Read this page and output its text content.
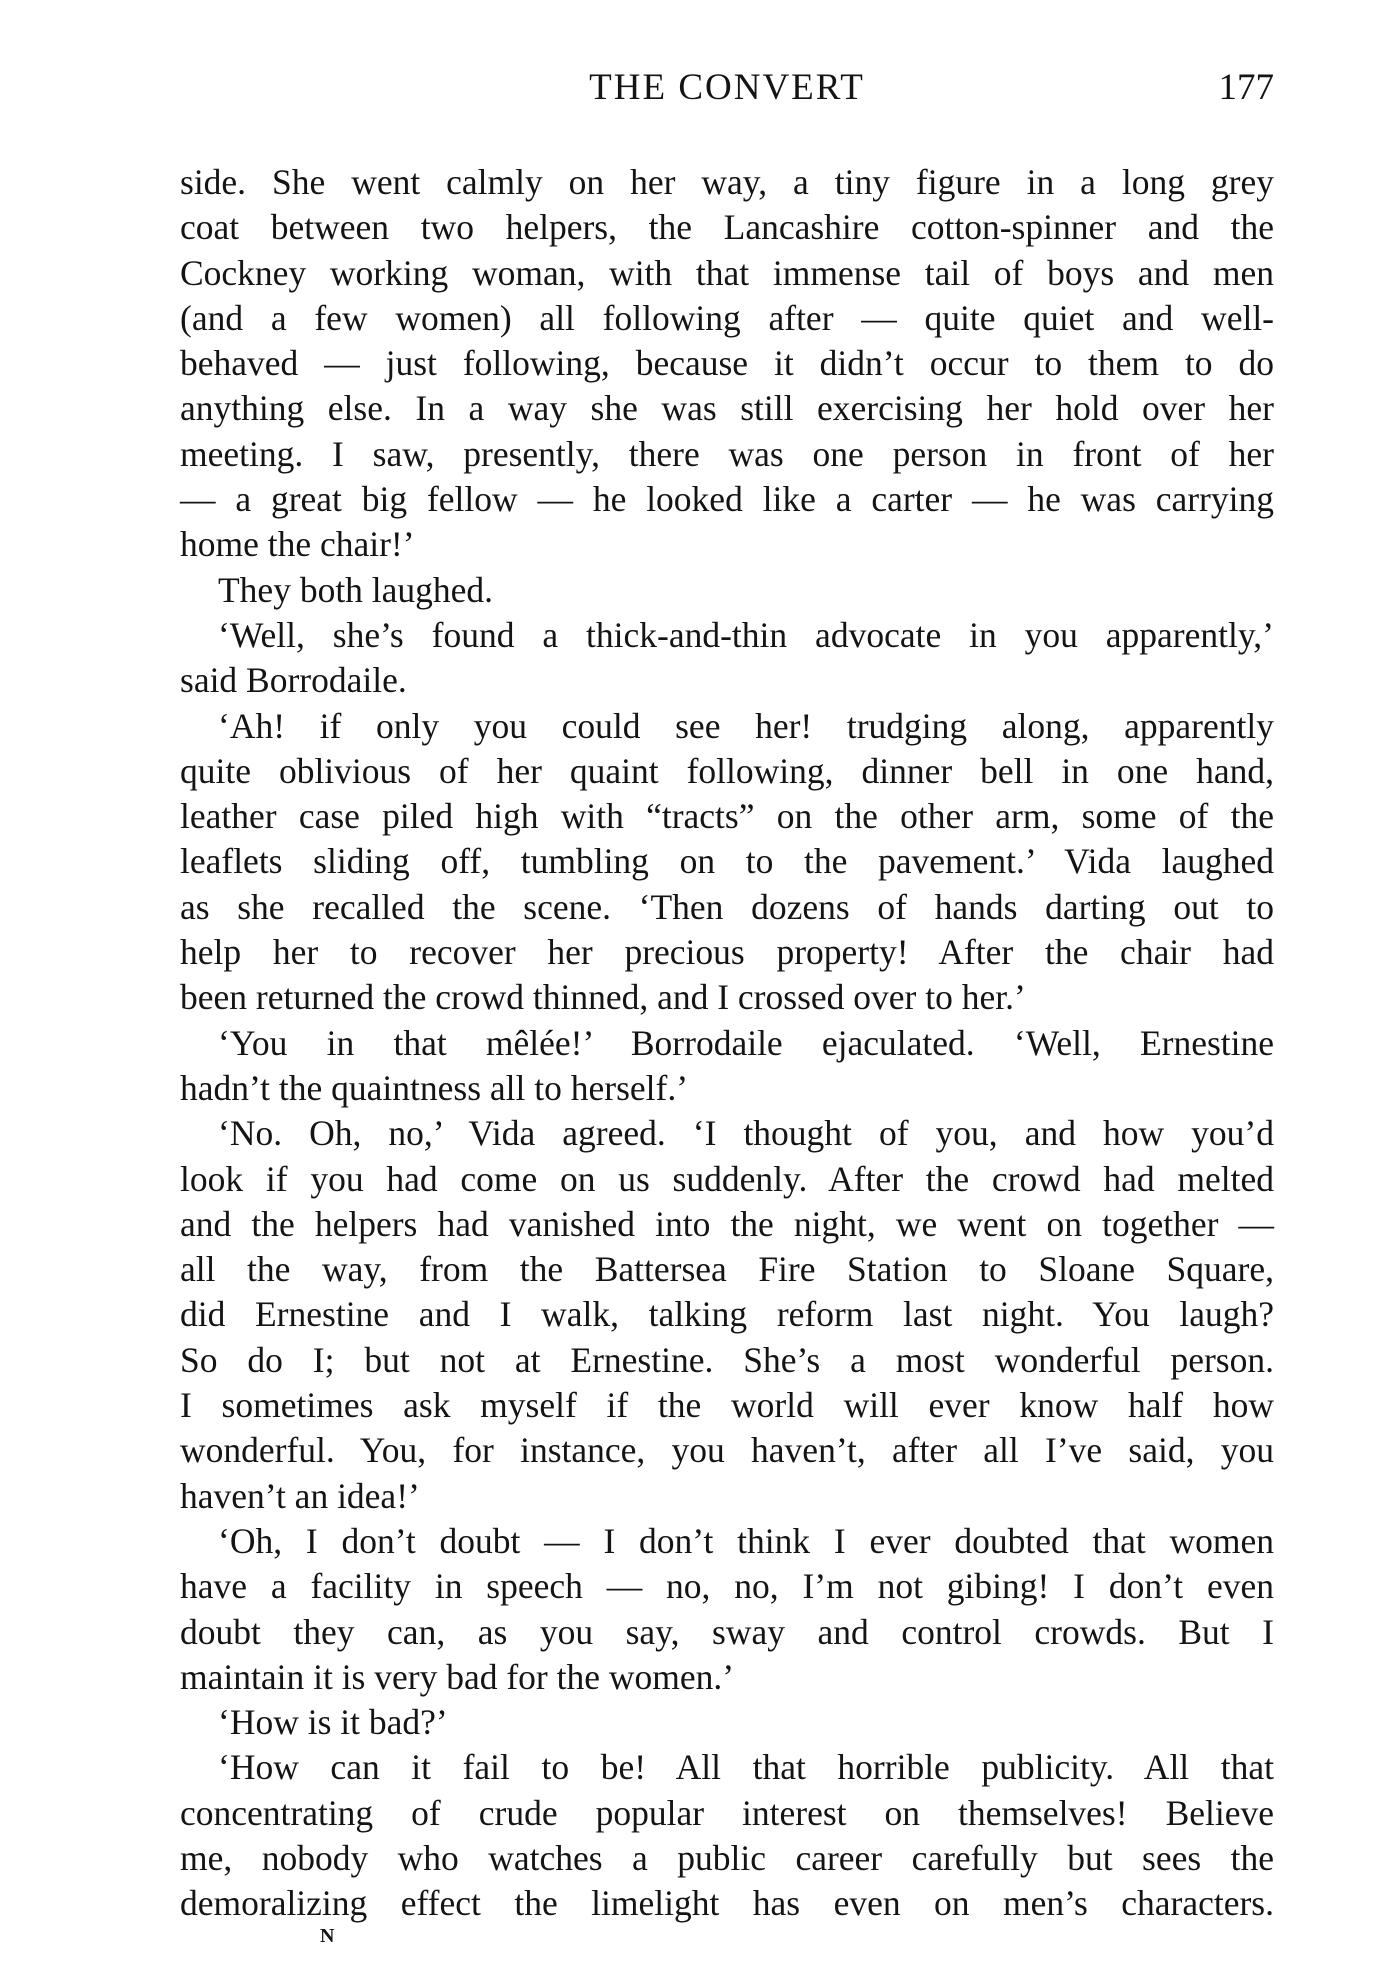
THE CONVERT	177
side. She went calmly on her way, a tiny figure in a long grey
coat between two helpers, the Lancashire cotton-spinner and the
Cockney working woman, with that immense tail of boys and men
(and a few women) all following after — quite quiet and well-
behaved — just following, because it didn’t occur to them to do
anything else. In a way she was still exercising her hold over her
meeting. I saw, presently, there was one person in front of her
— a great big fellow — he looked like a carter — he was carrying
home the chair!’
They both laughed.
‘Well, she’s found a thick-and-thin advocate in you apparently,’
said Borrodaile.
‘Ah! if only you could see her! trudging along, apparently
quite oblivious of her quaint following, dinner bell in one hand,
leather case piled high with “tracts” on the other arm, some of the
leaflets sliding off, tumbling on to the pavement.’ Vida laughed
as she recalled the scene. ‘Then dozens of hands darting out to
help her to recover her precious property! After the chair had
been returned the crowd thinned, and I crossed over to her.’
‘You in that mêlée!’ Borrodaile ejaculated. ‘Well, Ernestine
hadn’t the quaintness all to herself.’
‘No. Oh, no,’ Vida agreed. ‘I thought of you, and how you’d
look if you had come on us suddenly. After the crowd had melted
and the helpers had vanished into the night, we went on together —
all the way, from the Battersea Fire Station to Sloane Square,
did Ernestine and I walk, talking reform last night. You laugh?
So do I; but not at Ernestine. She’s a most wonderful person.
I sometimes ask myself if the world will ever know half how
wonderful. You, for instance, you haven’t, after all I’ve said, you
haven’t an idea!’
‘Oh, I don’t doubt — I don’t think I ever doubted that women
have a facility in speech — no, no, I’m not gibing! I don’t even
doubt they can, as you say, sway and control crowds. But I
maintain it is very bad for the women.’
‘How is it bad?’
‘How can it fail to be! All that horrible publicity. All that
concentrating of crude popular interest on themselves! Believe
me, nobody who watches a public career carefully but sees the
demoralizing effect the limelight has even on men’s characters.
N
